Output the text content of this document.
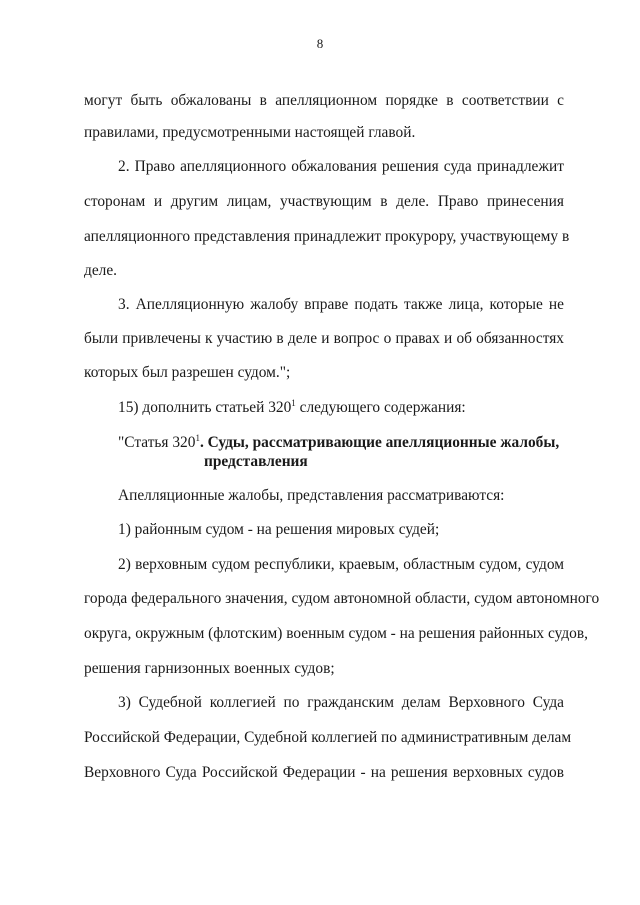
8
могут быть обжалованы в апелляционном порядке в соответствии с
правилами, предусмотренными настоящей главой.
2. Право апелляционного обжалования решения суда принадлежит
сторонам и другим лицам, участвующим в деле. Право принесения
апелляционного представления принадлежит прокурору, участвующему в
деле.
3. Апелляционную жалобу вправе подать также лица, которые не
были привлечены к участию в деле и вопрос о правах и об обязанностях
которых был разрешен судом.";
15) дополнить статьей $320^1$ следующего содержания:
"Статья $320^1$. Суды, рассматривающие апелляционные жалобы,
представления
Апелляционные жалобы, представления рассматриваются:
1) районным судом - на решения мировых судей;
2) верховным судом республики, краевым, областным судом, судом
города федерального значения, судом автономной области, судом автономного
округа, окружным (флотским) военным судом - на решения районных судов,
решения гарнизонных военных судов;
3) Судебной коллегией по гражданским делам Верховного Суда
Российской Федерации, Судебной коллегией по административным делам
Верховного Суда Российской Федерации - на решения верховных судов
